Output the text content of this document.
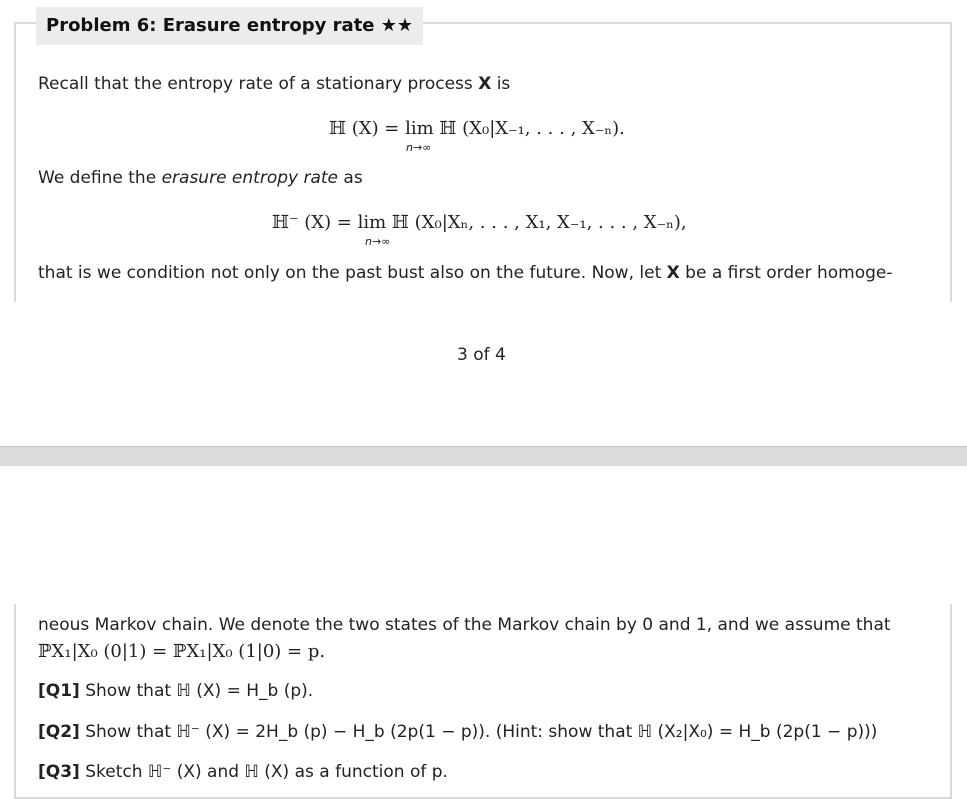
Problem 6: Erasure entropy rate ★★
Recall that the entropy rate of a stationary process X is
ℍ (X) = lim ℍ (X₀|X₋₁, . . . , X₋ₙ).
n→∞
We define the erasure entropy rate as
ℍ⁻ (X) = lim ℍ (X₀|Xₙ, . . . , X₁, X₋₁, . . . , X₋ₙ),
n→∞
that is we condition not only on the past bust also on the future. Now, let X be a first order homoge-
3 of 4
neous Markov chain. We denote the two states of the Markov chain by 0 and 1, and we assume that
ℙX₁|X₀ (0|1) = ℙX₁|X₀ (1|0) = p.
[Q1] Show that ℍ (X) = H_b (p).
[Q2] Show that ℍ⁻ (X) = 2H_b (p) − H_b (2p(1 − p)). (Hint: show that ℍ (X₂|X₀) = H_b (2p(1 − p)))
[Q3] Sketch ℍ⁻ (X) and ℍ (X) as a function of p.
